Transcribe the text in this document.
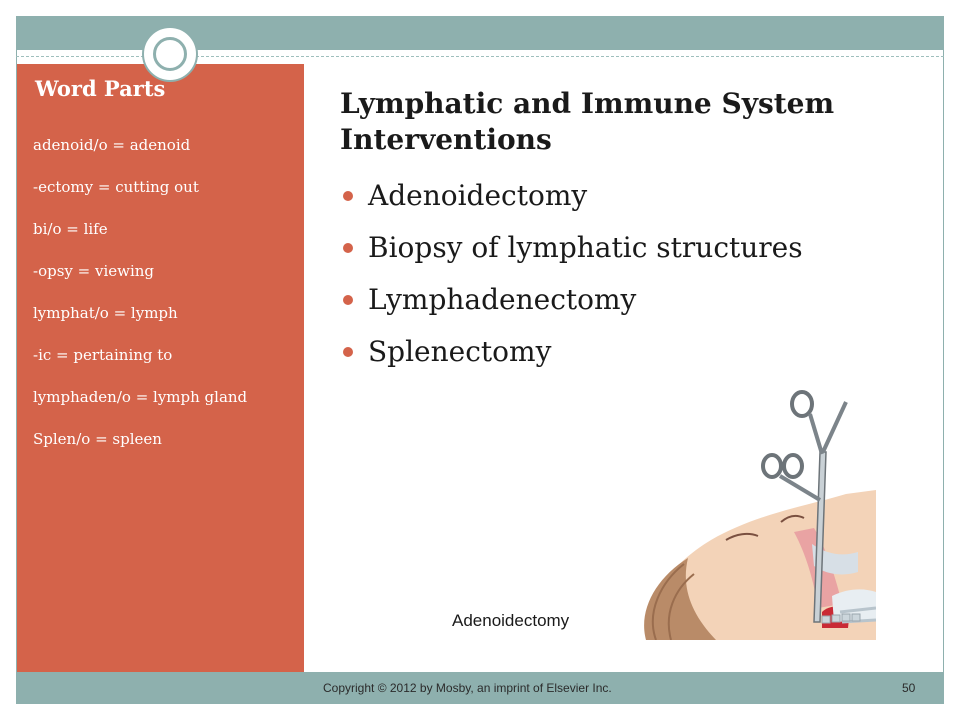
Word Parts
adenoid/o = adenoid
-ectomy = cutting out
bi/o = life
-opsy = viewing
lymphat/o = lymph
-ic = pertaining to
lymphaden/o = lymph gland
Splen/o = spleen
Lymphatic and Immune System Interventions
Adenoidectomy
Biopsy of lymphatic structures
Lymphadenectomy
Splenectomy

Adenoidectomy

Copyright © 2012 by Mosby, an imprint of Elsevier Inc.	50
